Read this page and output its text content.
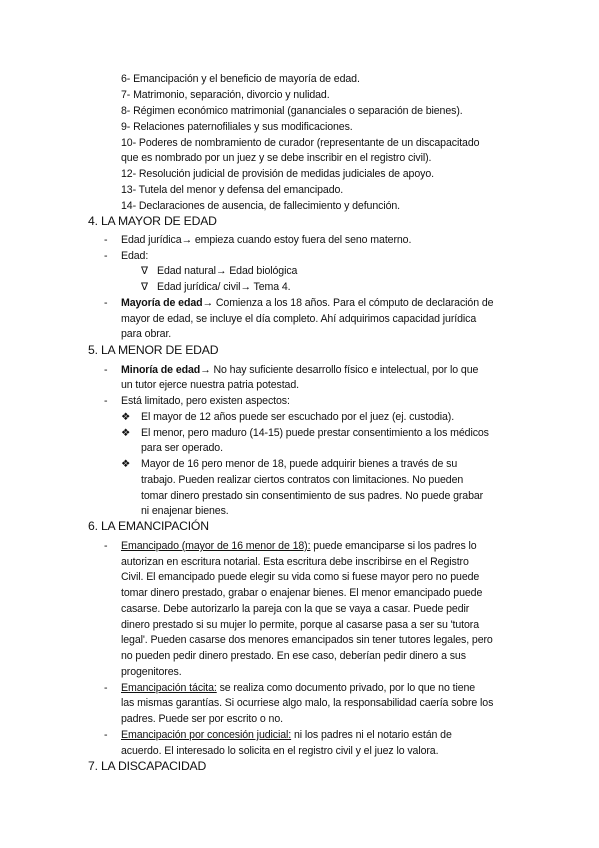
6- Emancipación y el beneficio de mayoría de edad.
7- Matrimonio, separación, divorcio y nulidad.
8- Régimen económico matrimonial (gananciales o separación de bienes).
9- Relaciones paternofiliales y sus modificaciones.
10- Poderes de nombramiento de curador (representante de un discapacitado
que es nombrado por un juez y se debe inscribir en el registro civil).
12- Resolución judicial de provisión de medidas judiciales de apoyo.
13- Tutela del menor y defensa del emancipado.
14- Declaraciones de ausencia, de fallecimiento y defunción.
4. LA MAYOR DE EDAD
- Edad jurídica→ empieza cuando estoy fuera del seno materno.
- Edad:
∇ Edad natural→ Edad biológica
∇ Edad jurídica/ civil→ Tema 4.
- Mayoría de edad→ Comienza a los 18 años. Para el cómputo de declaración de
mayor de edad, se incluye el día completo. Ahí adquirimos capacidad jurídica
para obrar.
5. LA MENOR DE EDAD
- Minoría de edad→ No hay suficiente desarrollo físico e intelectual, por lo que
un tutor ejerce nuestra patria potestad.
- Está limitado, pero existen aspectos:
❖ El mayor de 12 años puede ser escuchado por el juez (ej. custodia).
❖ El menor, pero maduro (14-15) puede prestar consentimiento a los médicos
para ser operado.
❖ Mayor de 16 pero menor de 18, puede adquirir bienes a través de su
trabajo. Pueden realizar ciertos contratos con limitaciones. No pueden
tomar dinero prestado sin consentimiento de sus padres. No puede grabar
ni enajenar bienes.
6. LA EMANCIPACIÓN
- Emancipado (mayor de 16 menor de 18): puede emanciparse si los padres lo
autorizan en escritura notarial. Esta escritura debe inscribirse en el Registro
Civil. El emancipado puede elegir su vida como si fuese mayor pero no puede
tomar dinero prestado, grabar o enajenar bienes. El menor emancipado puede
casarse. Debe autorizarlo la pareja con la que se vaya a casar. Puede pedir
dinero prestado si su mujer lo permite, porque al casarse pasa a ser su 'tutora
legal'. Pueden casarse dos menores emancipados sin tener tutores legales, pero
no pueden pedir dinero prestado. En ese caso, deberían pedir dinero a sus
progenitores.
- Emancipación tácita: se realiza como documento privado, por lo que no tiene
las mismas garantías. Si ocurriese algo malo, la responsabilidad caería sobre los
padres. Puede ser por escrito o no.
- Emancipación por concesión judicial: ni los padres ni el notario están de
acuerdo. El interesado lo solicita en el registro civil y el juez lo valora.
7. LA DISCAPACIDAD
